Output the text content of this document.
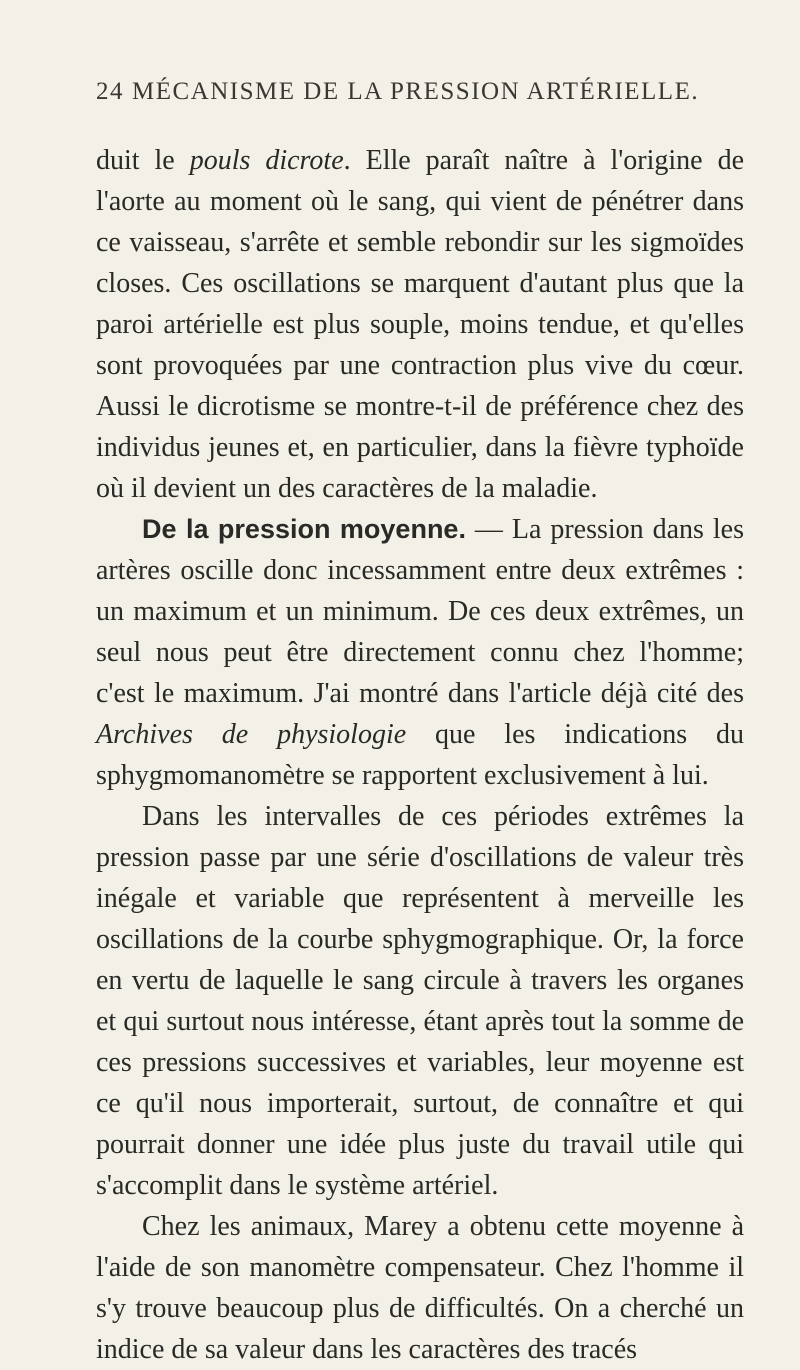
24 MÉCANISME DE LA PRESSION ARTÉRIELLE.

duit le pouls dicrote. Elle paraît naître à l'origine de l'aorte au moment où le sang, qui vient de pénétrer dans ce vaisseau, s'arrête et semble rebondir sur les sigmoïdes closes. Ces oscillations se marquent d'autant plus que la paroi artérielle est plus souple, moins tendue, et qu'elles sont provoquées par une contraction plus vive du cœur. Aussi le dicrotisme se montre-t-il de préférence chez des individus jeunes et, en particulier, dans la fièvre typhoïde où il devient un des caractères de la maladie.

De la pression moyenne. — La pression dans les artères oscille donc incessamment entre deux extrêmes : un maximum et un minimum. De ces deux extrêmes, un seul nous peut être directement connu chez l'homme; c'est le maximum. J'ai montré dans l'article déjà cité des Archives de physiologie que les indications du sphygmomanomètre se rapportent exclusivement à lui.

Dans les intervalles de ces périodes extrêmes la pression passe par une série d'oscillations de valeur très inégale et variable que représentent à merveille les oscillations de la courbe sphygmographique. Or, la force en vertu de laquelle le sang circule à travers les organes et qui surtout nous intéresse, étant après tout la somme de ces pressions successives et variables, leur moyenne est ce qu'il nous importerait, surtout, de connaître et qui pourrait donner une idée plus juste du travail utile qui s'accomplit dans le système artériel.

Chez les animaux, Marey a obtenu cette moyenne à l'aide de son manomètre compensateur. Chez l'homme il s'y trouve beaucoup plus de difficultés. On a cherché un indice de sa valeur dans les caractères des tracés
